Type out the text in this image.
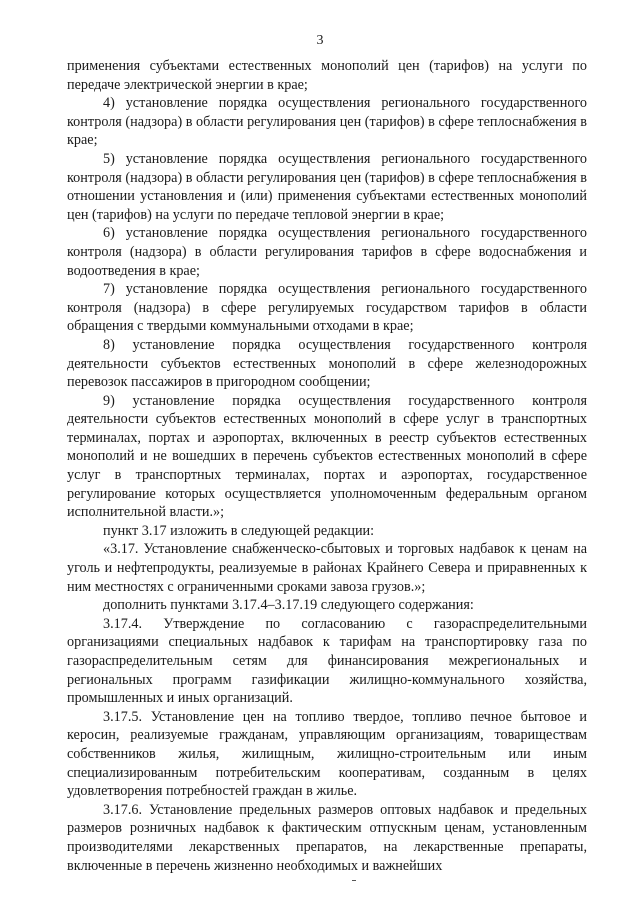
3

применения субъектами естественных монополий цен (тарифов) на услуги по передаче электрической энергии в крае;

4) установление порядка осуществления регионального государственного контроля (надзора) в области регулирования цен (тарифов) в сфере теплоснабжения в крае;

5) установление порядка осуществления регионального государственного контроля (надзора) в области регулирования цен (тарифов) в сфере теплоснабжения в отношении установления и (или) применения субъектами естественных монополий цен (тарифов) на услуги по передаче тепловой энергии в крае;

6) установление порядка осуществления регионального государственного контроля (надзора) в области регулирования тарифов в сфере водоснабжения и водоотведения в крае;

7) установление порядка осуществления регионального государственного контроля (надзора) в сфере регулируемых государством тарифов в области обращения с твердыми коммунальными отходами в крае;

8) установление порядка осуществления государственного контроля деятельности субъектов естественных монополий в сфере железнодорожных перевозок пассажиров в пригородном сообщении;

9) установление порядка осуществления государственного контроля деятельности субъектов естественных монополий в сфере услуг в транспортных терминалах, портах и аэропортах, включенных в реестр субъектов естественных монополий и не вошедших в перечень субъектов естественных монополий в сфере услуг в транспортных терминалах, портах и аэропортах, государственное регулирование которых осуществляется уполномоченным федеральным органом исполнительной власти.»;

пункт 3.17 изложить в следующей редакции:

«3.17. Установление снабженческо-сбытовых и торговых надбавок к ценам на уголь и нефтепродукты, реализуемые в районах Крайнего Севера и приравненных к ним местностях с ограниченными сроками завоза грузов.»;

дополнить пунктами 3.17.4–3.17.19 следующего содержания:

3.17.4. Утверждение по согласованию с газораспределительными организациями специальных надбавок к тарифам на транспортировку газа по газораспределительным сетям для финансирования межрегиональных и региональных программ газификации жилищно-коммунального хозяйства, промышленных и иных организаций.

3.17.5. Установление цен на топливо твердое, топливо печное бытовое и керосин, реализуемые гражданам, управляющим организациям, товариществам собственников жилья, жилищным, жилищно-строительным или иным специализированным потребительским кооперативам, созданным в целях удовлетворения потребностей граждан в жилье.

3.17.6. Установление предельных размеров оптовых надбавок и предельных размеров розничных надбавок к фактическим отпускным ценам, установленным производителями лекарственных препаратов, на лекарственные препараты, включенные в перечень жизненно необходимых и важнейших
